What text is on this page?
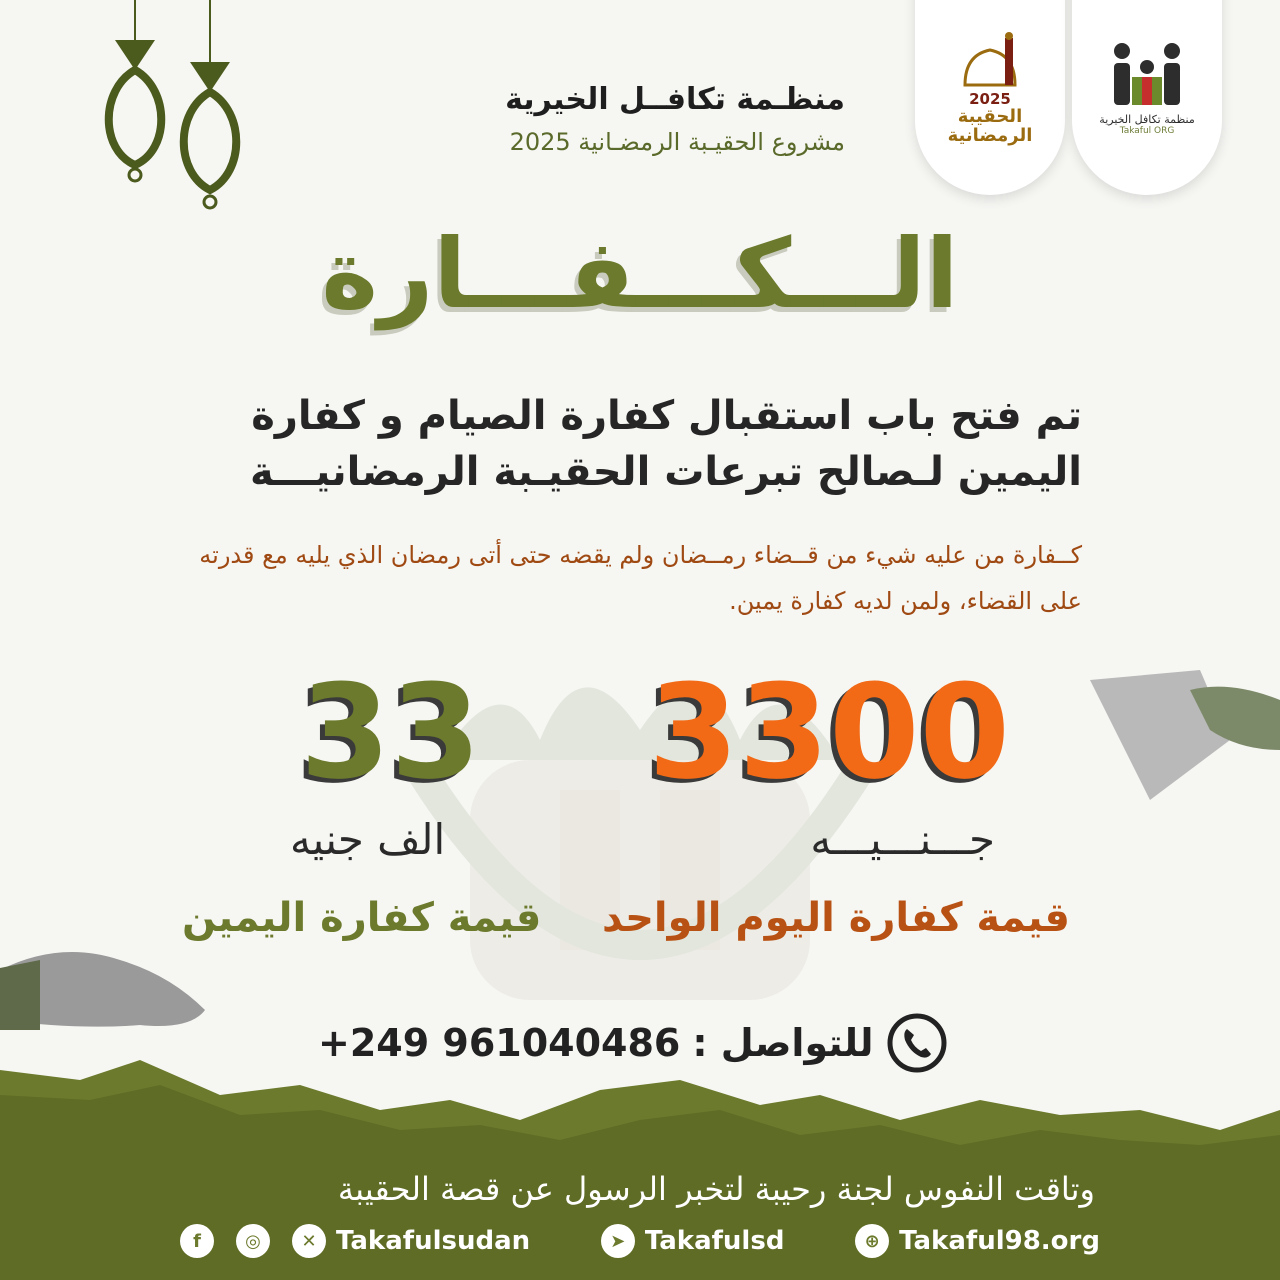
منظـمة تكافــل الخيرية
مشروع الحقيـبة الرمضـانية 2025
2025
الحقيبة
الرمضانية
منظمة تكافل الخيرية
Takaful ORG
الـــكـــفـــارة
تم فتح باب استقبال كفارة الصيام و كفارة اليمين لـصالح تبرعات الحقيـبة الرمضانيـــة
كــفارة من عليه شيء من قــضاء رمــضان ولم يقضه حتى أتى رمضان الذي يليه مع قدرته على القضاء، ولمن لديه كفارة يمين.
3300
جـــنـــيـــه
قيمة كفارة اليوم الواحد
33
الف جنيه
قيمة كفارة اليمين
للتواصل :
+249 961040486
وتاقت النفوس لجنة رحيبة لتخبر الرسول عن قصة الحقيبة
f	◎	✕ Takafulsudan	➤ Takafulsd	⊕ Takaful98.org
